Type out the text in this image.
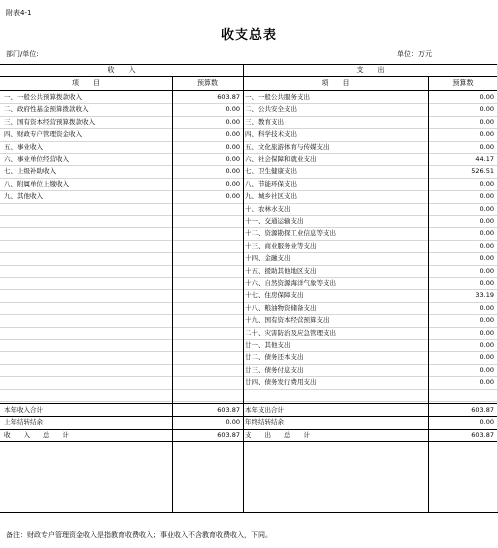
附表4-1
收支总表
部门/单位:	单位：万元
收　　入	支　　出
项　　目	预算数	项　　目	预算数
一、一般公共预算拨款收入	603.87 一、一般公共服务支出	0.00
二、政府性基金预算拨款收入	0.00 二、公共安全支出	0.00
三、国有资本经营预算拨款收入	0.00 三、教育支出	0.00
四、财政专户管理资金收入	0.00 四、科学技术支出	0.00
五、事业收入	0.00 五、文化旅游体育与传媒支出	0.00
六、事业单位经营收入	0.00 六、社会保障和就业支出	44.17
七、上级补助收入	0.00 七、卫生健康支出	526.51
八、附属单位上缴收入	0.00 八、节能环保支出	0.00
九、其他收入	0.00 九、城乡社区支出	0.00
十、农林水支出	0.00
十一、交通运输支出	0.00
十二、资源勘探工业信息等支出	0.00
十三、商业服务业等支出	0.00
十四、金融支出	0.00
十五、援助其他地区支出	0.00
十六、自然资源海洋气象等支出	0.00
十七、住房保障支出	33.19
十八、粮油物资储备支出	0.00
十九、国有资本经营预算支出	0.00
二十、灾害防治及应急管理支出	0.00
廿一、其他支出	0.00
廿二、债务还本支出	0.00
廿三、债务付息支出	0.00
廿四、债务发行费用支出	0.00
本年收入合计	603.87 本年支出合计	603.87
上年结转结余	0.00 年终结转结余	0.00
收　　入　　总　　计	603.87 支　　出　　总　　计	603.87
备注：财政专户管理资金收入是指教育收费收入；事业收入不含教育收费收入，下同。
